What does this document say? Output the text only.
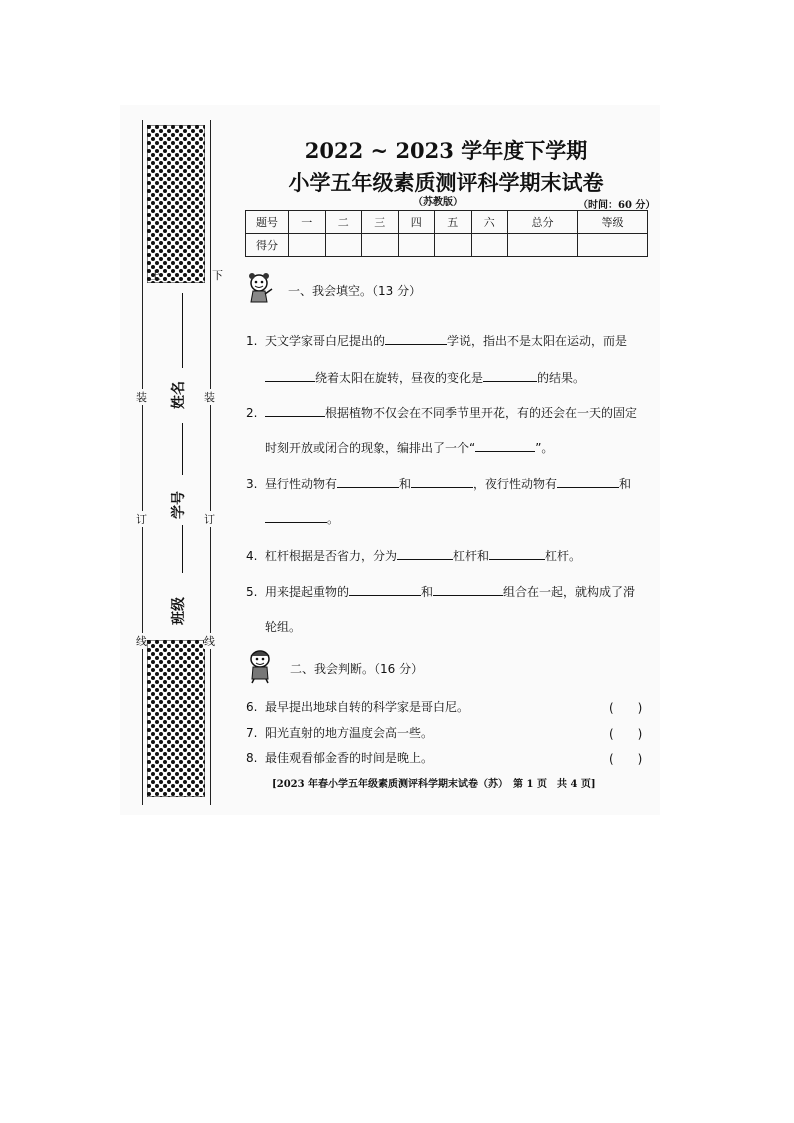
上	下
装	装
订	订
线	线
姓名
学号
班级
2022 ~ 2023 学年度下学期
小学五年级素质测评科学期末试卷
（苏教版）	（时间：60 分）
题号	一	二	三	四	五	六	总分	等级
得分								
一、我会填空。（13 分）
1. 天文学家哥白尼提出的	学说，指出不是太阳在运动，而是
绕着太阳在旋转，昼夜的变化是	的结果。
2.	根据植物不仅会在不同季节里开花，有的还会在一天的固定
时刻开放或闭合的现象，编排出了一个“	”。
3. 昼行性动物有	和	，夜行性动物有	和
。
4. 杠杆根据是否省力，分为	杠杆和	杠杆。
5. 用来提起重物的	和	组合在一起，就构成了滑
轮组。
二、我会判断。（16 分）
6. 最早提出地球自转的科学家是哥白尼。	(　　)
7. 阳光直射的地方温度会高一些。	(　　)
8. 最佳观看郁金香的时间是晚上。	(　　)
[2023 年春小学五年级素质测评科学期末试卷（苏）　第 1 页　共 4 页]
